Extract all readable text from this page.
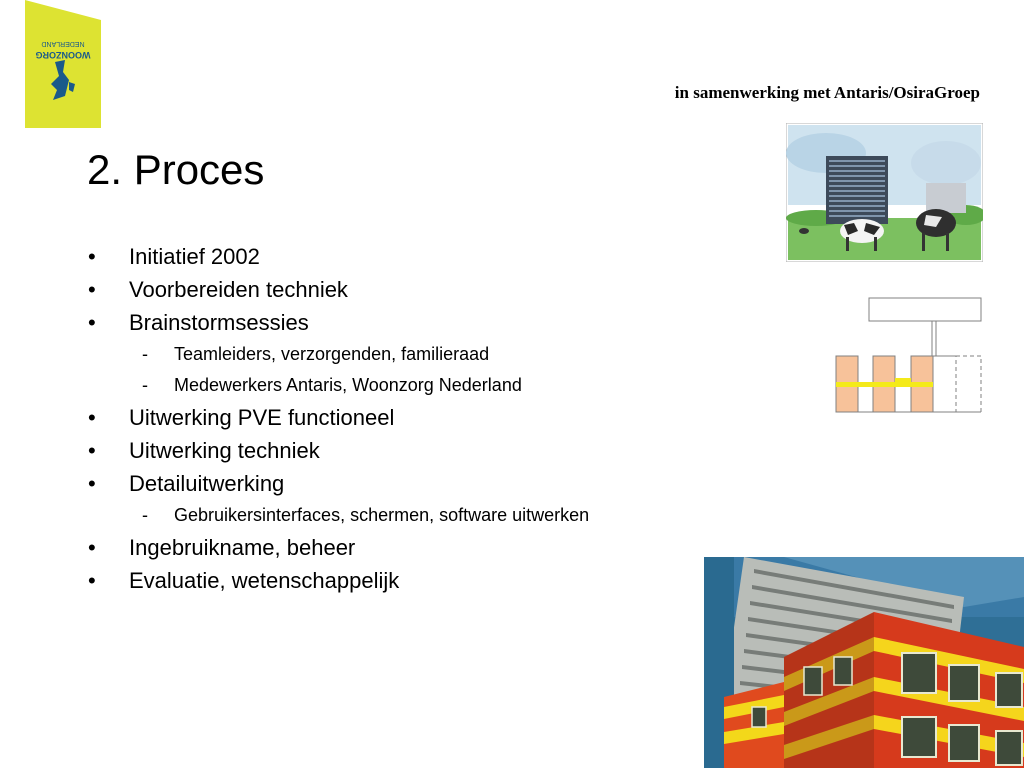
NEDERLAND
WOONZORG
in samenwerking met Antaris/OsiraGroep
2. Proces
•	Initiatief 2002
•	Voorbereiden techniek
•	Brainstormsessies
- Teamleiders, verzorgenden, familieraad
- Medewerkers Antaris, Woonzorg Nederland
•	Uitwerking PVE functioneel
•	Uitwerking techniek
•	Detailuitwerking
- Gebruikersinterfaces, schermen, software uitwerken
•	Ingebruikname, beheer
•	Evaluatie, wetenschappelijk
